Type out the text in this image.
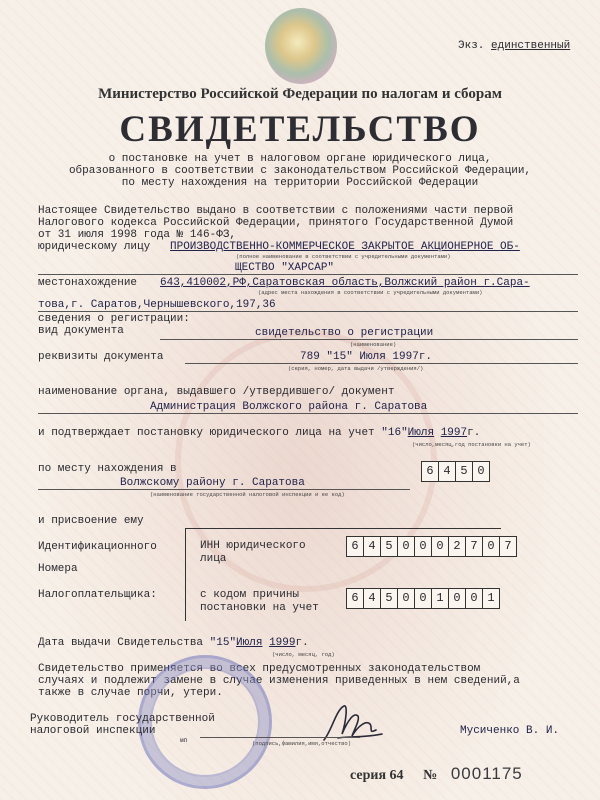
Экз. единственный
Министерство Российской Федерации по налогам и сборам
СВИДЕТЕЛЬСТВО
о постановке на учет в налоговом органе юридического лица,
образованного в соответствии с законодательством Российской Федерации,
по месту нахождения на территории Российской Федерации
Настоящее Свидетельство выдано в соответствии с положениями части первой
Налогового кодекса Российской Федерации, принятого Государственной Думой
от 31 июля 1998 года № 146-ФЗ,
юридическому лицу ПРОИЗВОДСТВЕННО-КОММЕРЧЕСКОЕ ЗАКРЫТОЕ АКЦИОНЕРНОЕ ОБ-
(полное наименование в соответствии с учредительными документами)
ЩЕСТВО "ХАРСАР"
местонахождение 643,410002,РФ,Саратовская область,Волжский район г.Сара-
(адрес места нахождения в соответствии с учредительными документами)
това,г. Саратов,Чернышевского,197,36
сведения о регистрации:
вид документа	свидетельство о регистрации
(наименование)
реквизиты документа	789 "15" Июля 1997г.
(серия, номер, дата выдачи /утверждения/)
наименование органа, выдавшего /утвердившего/ документ
Администрация Волжского района г. Саратова
и подтверждает постановку юридического лица на учет "16"Июля 1997г.
(число,месяц,год постановки на учет)
по месту нахождения в
Волжскому району г. Саратова
(наименование государственной налоговой инспекции и ее код)
6 4 5 0
и присвоение ему
Идентификационного
Номера
Налогоплательщика:
ИНН юридического
лица
6 4 5 0 0 0 2 7 0 7
с кодом причины
постановки на учет
6 4 5 0 0 1 0 0 1
Дата выдачи Свидетельства "15"Июля 1999г.
(число, месяц, год)
Свидетельство применяется во всех предусмотренных законодательством
случаях и подлежит замене в случае изменения приведенных в нем сведений,а
также в случае порчи, утери.
Руководитель государственной
налоговой инспекции
мп	(подпись,фамилия,имя,отчество)
Мусиченко В. И.
серия 64 № 0001175
